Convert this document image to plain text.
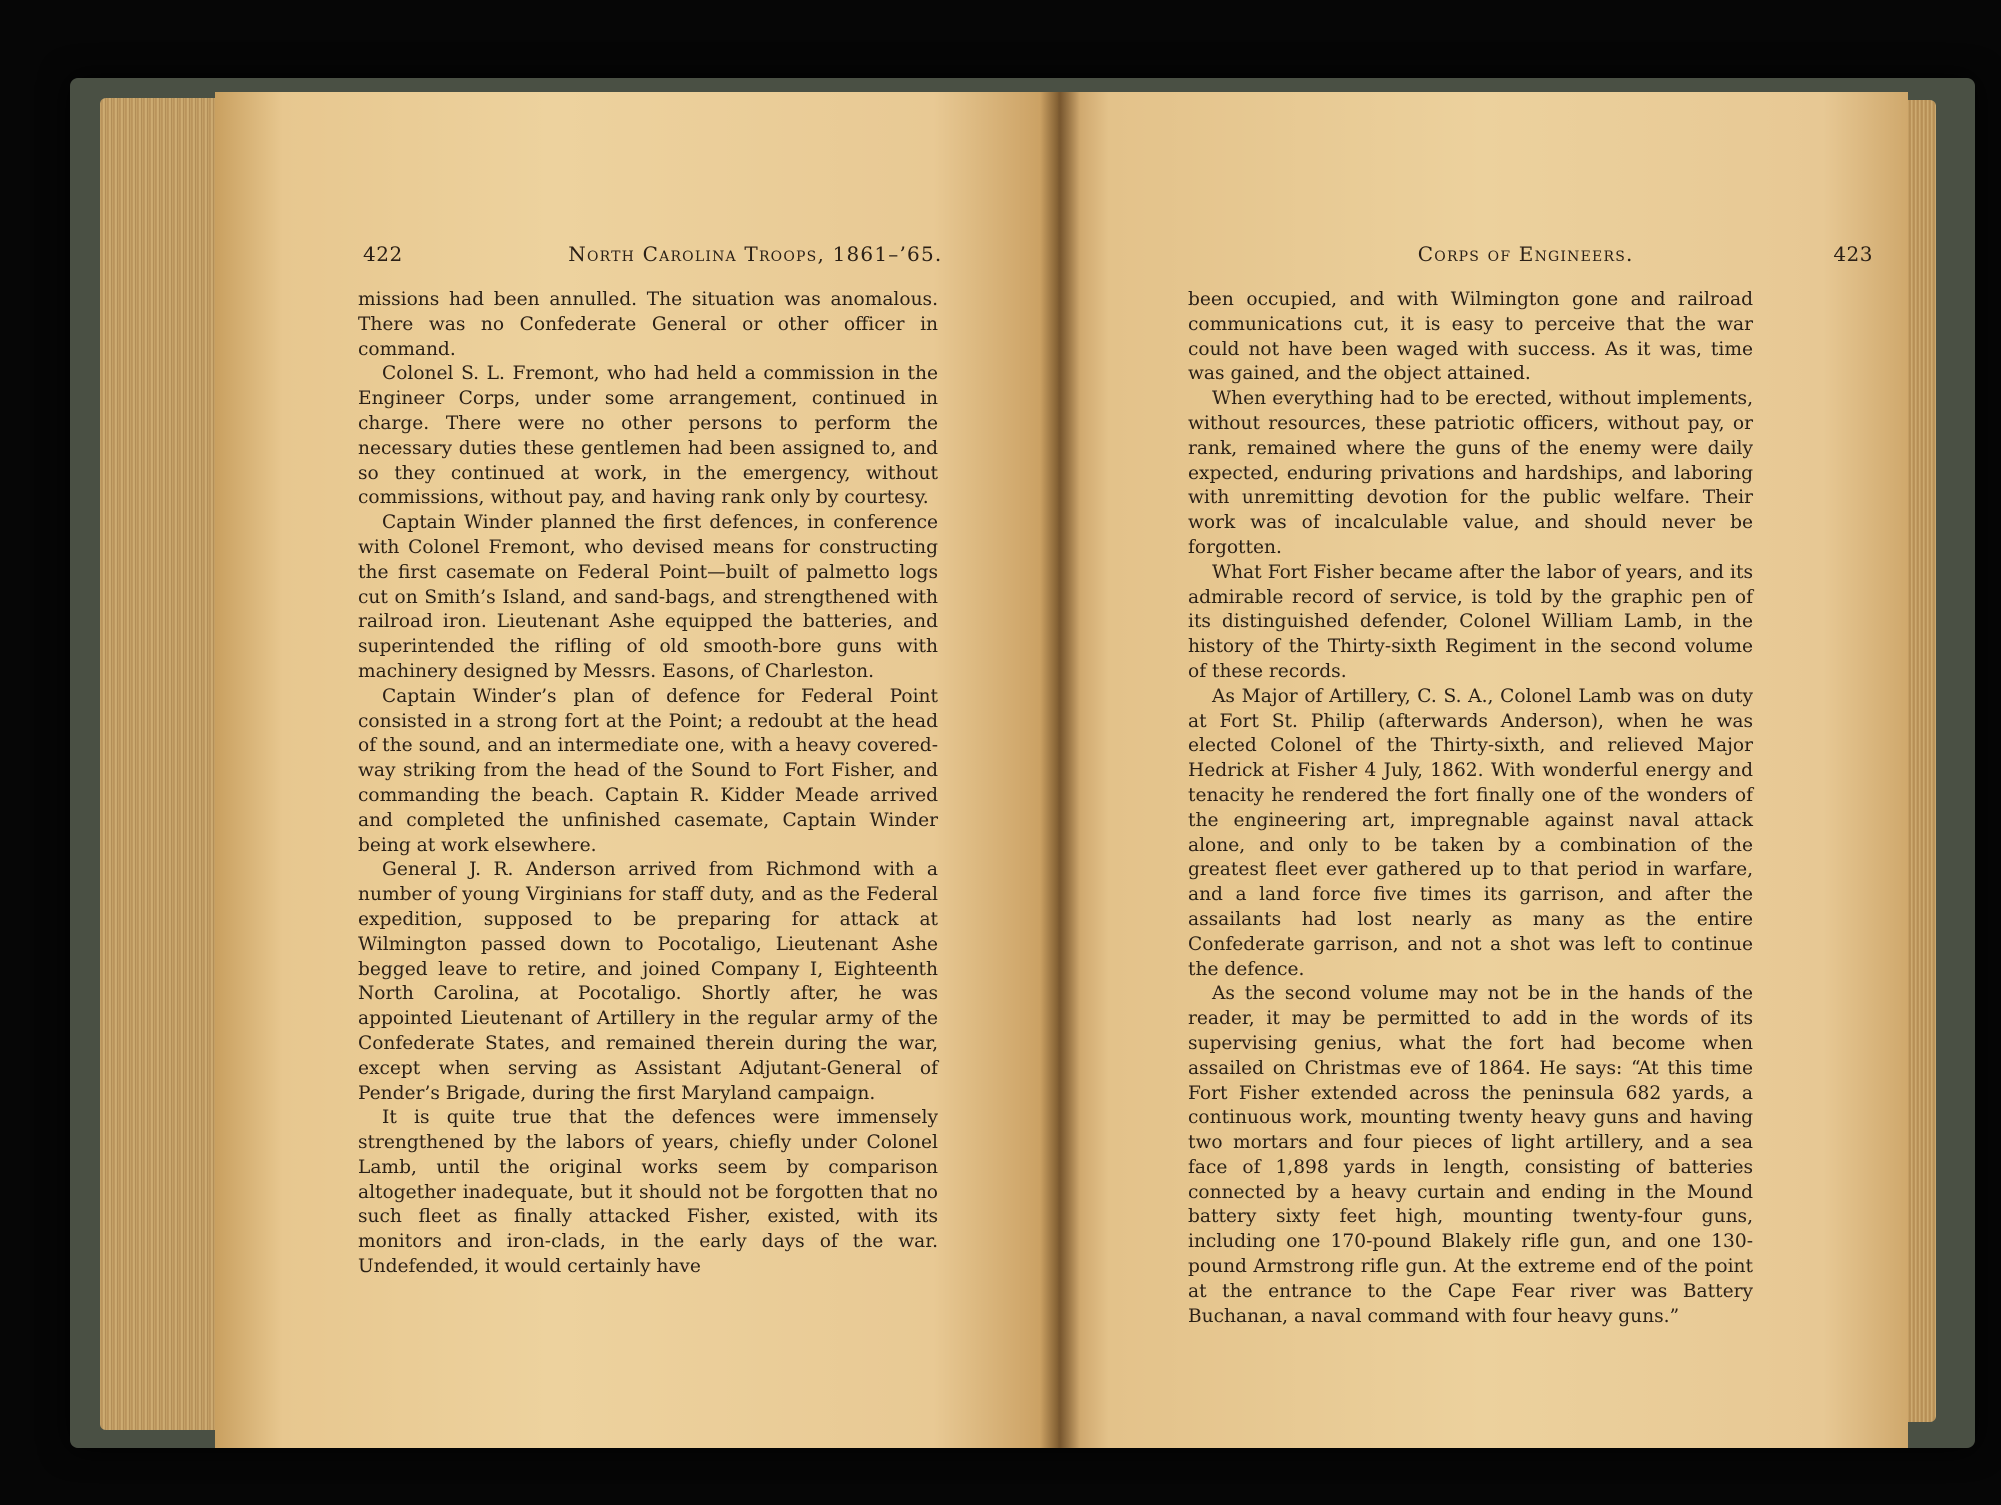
422	North Carolina Troops, 1861–’65.

missions had been annulled. The situation was anomalous. There was no Confederate General or other officer in command.

Colonel S. L. Fremont, who had held a commission in the Engineer Corps, under some arrangement, continued in charge. There were no other persons to perform the necessary duties these gentlemen had been assigned to, and so they continued at work, in the emergency, without commissions, without pay, and having rank only by courtesy.

Captain Winder planned the first defences, in conference with Colonel Fremont, who devised means for constructing the first casemate on Federal Point—built of palmetto logs cut on Smith’s Island, and sand-bags, and strengthened with railroad iron. Lieutenant Ashe equipped the batteries, and superintended the rifling of old smooth-bore guns with machinery designed by Messrs. Easons, of Charleston.

Captain Winder’s plan of defence for Federal Point consisted in a strong fort at the Point; a redoubt at the head of the sound, and an intermediate one, with a heavy covered-way striking from the head of the Sound to Fort Fisher, and commanding the beach. Captain R. Kidder Meade arrived and completed the unfinished casemate, Captain Winder being at work elsewhere.

General J. R. Anderson arrived from Richmond with a number of young Virginians for staff duty, and as the Federal expedition, supposed to be preparing for attack at Wilmington passed down to Pocotaligo, Lieutenant Ashe begged leave to retire, and joined Company I, Eighteenth North Carolina, at Pocotaligo. Shortly after, he was appointed Lieutenant of Artillery in the regular army of the Confederate States, and remained therein during the war, except when serving as Assistant Adjutant-General of Pender’s Brigade, during the first Maryland campaign.

It is quite true that the defences were immensely strengthened by the labors of years, chiefly under Colonel Lamb, until the original works seem by comparison altogether inadequate, but it should not be forgotten that no such fleet as finally attacked Fisher, existed, with its monitors and iron-clads, in the early days of the war. Undefended, it would certainly have

Corps of Engineers.	423

been occupied, and with Wilmington gone and railroad communications cut, it is easy to perceive that the war could not have been waged with success. As it was, time was gained, and the object attained.

When everything had to be erected, without implements, without resources, these patriotic officers, without pay, or rank, remained where the guns of the enemy were daily expected, enduring privations and hardships, and laboring with unremitting devotion for the public welfare. Their work was of incalculable value, and should never be forgotten.

What Fort Fisher became after the labor of years, and its admirable record of service, is told by the graphic pen of its distinguished defender, Colonel William Lamb, in the history of the Thirty-sixth Regiment in the second volume of these records.

As Major of Artillery, C. S. A., Colonel Lamb was on duty at Fort St. Philip (afterwards Anderson), when he was elected Colonel of the Thirty-sixth, and relieved Major Hedrick at Fisher 4 July, 1862. With wonderful energy and tenacity he rendered the fort finally one of the wonders of the engineering art, impregnable against naval attack alone, and only to be taken by a combination of the greatest fleet ever gathered up to that period in warfare, and a land force five times its garrison, and after the assailants had lost nearly as many as the entire Confederate garrison, and not a shot was left to continue the defence.

As the second volume may not be in the hands of the reader, it may be permitted to add in the words of its supervising genius, what the fort had become when assailed on Christmas eve of 1864. He says: “At this time Fort Fisher extended across the peninsula 682 yards, a continuous work, mounting twenty heavy guns and having two mortars and four pieces of light artillery, and a sea face of 1,898 yards in length, consisting of batteries connected by a heavy curtain and ending in the Mound battery sixty feet high, mounting twenty-four guns, including one 170-pound Blakely rifle gun, and one 130-pound Armstrong rifle gun. At the extreme end of the point at the entrance to the Cape Fear river was Battery Buchanan, a naval command with four heavy guns.”
